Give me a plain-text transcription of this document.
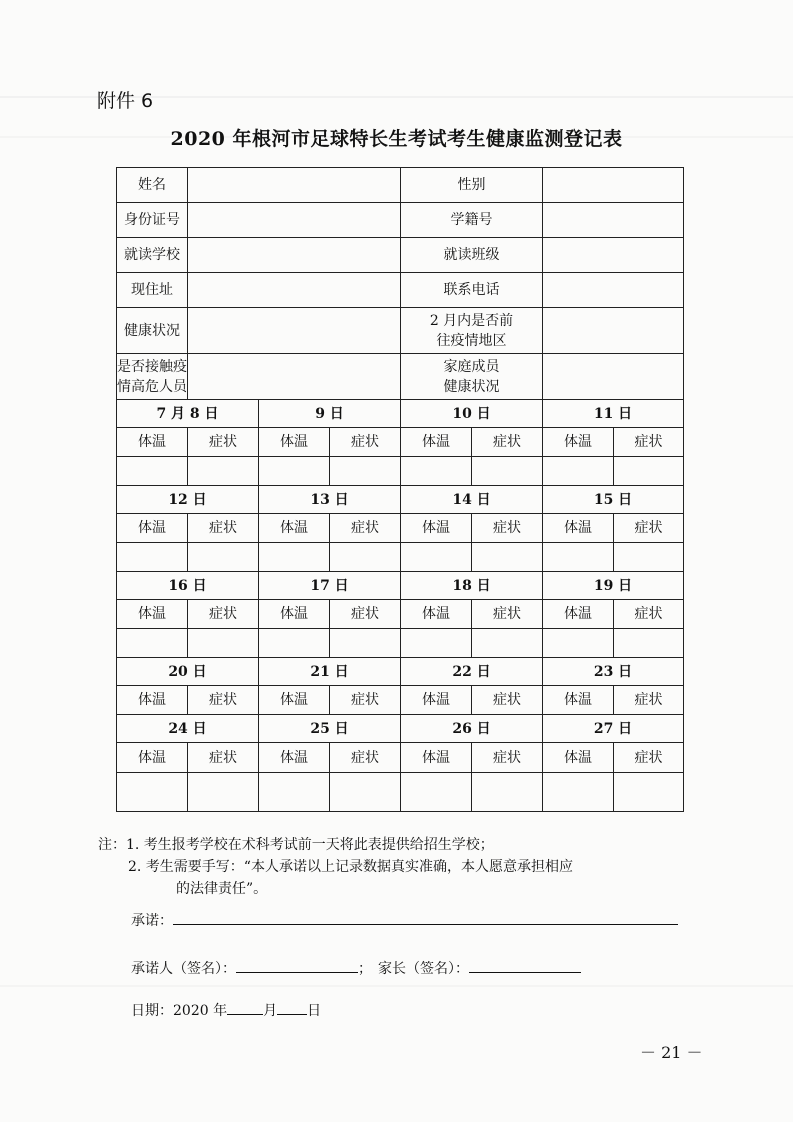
附件 6
2020 年根河市足球特长生考试考生健康监测登记表
姓名				性别			
身份证号				学籍号			
就读学校				就读班级			
现住址				联系电话			
健康状况				2 月内是否前
往疫情地区			
是否接触疫
情高危人员				家庭成员
健康状况			
7 月 8 日		9 日		10 日		11 日	
体温	症状	体温	症状	体温	症状	体温	症状

12 日		13 日		14 日		15 日	
体温	症状	体温	症状	体温	症状	体温	症状

16 日		17 日		18 日		19 日	
体温	症状	体温	症状	体温	症状	体温	症状

20 日		21 日		22 日		23 日	
体温	症状	体温	症状	体温	症状	体温	症状
24 日		25 日		26 日		27 日	
体温	症状	体温	症状	体温	症状	体温	症状

注：1. 考生报考学校在术科考试前一天将此表提供给招生学校；
2. 考生需要手写：“本人承诺以上记录数据真实准确，本人愿意承担相应
的法律责任”。
承诺：
承诺人（签名）：	； 家长（签名）：
日期：2020 年	月 日
－ 21 －
